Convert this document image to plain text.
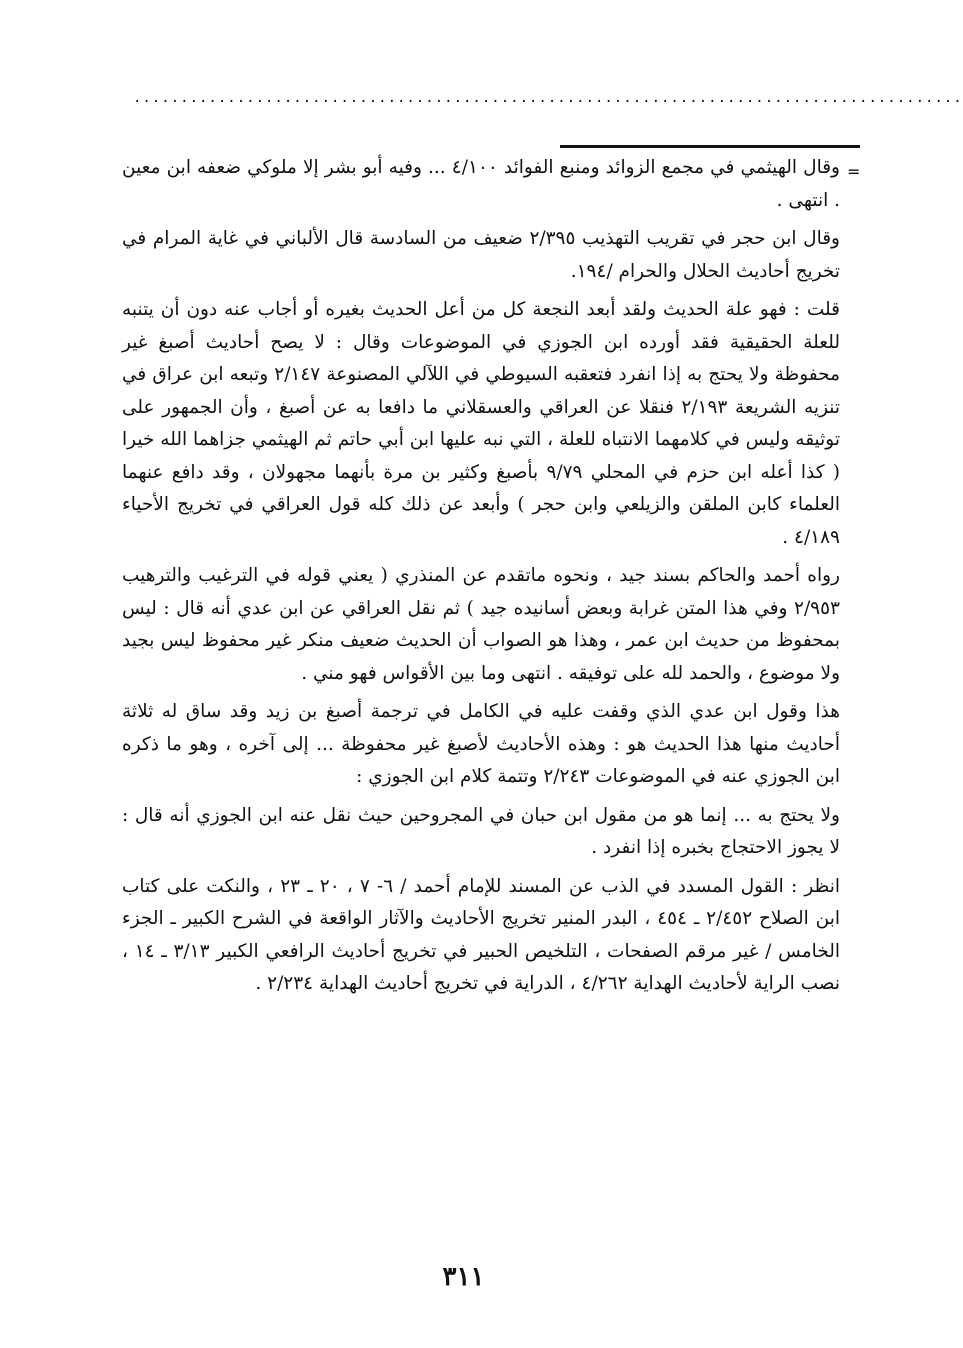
........................................................................................
=

وقال الهيثمي في مجمع الزوائد ومنبع الفوائد ٤/١٠٠ ... وفيه أبو بشر إلا ملوكي ضعفه ابن معين . انتهى .

وقال ابن حجر في تقريب التهذيب ٢/٣٩٥ ضعيف من السادسة قال الألباني في غاية المرام في تخريج أحاديث الحلال والحرام /١٩٤.

قلت : فهو علة الحديث ولقد أبعد النجعة كل من أعل الحديث بغيره أو أجاب عنه دون أن يتنبه للعلة الحقيقية فقد أورده ابن الجوزي في الموضوعات وقال : لا يصح أحاديث أصبغ غير محفوظة ولا يحتج به إذا انفرد فتعقبه السيوطي في اللآلي المصنوعة ٢/١٤٧ وتبعه ابن عراق في تنزيه الشريعة ٢/١٩٣ فنقلا عن العراقي والعسقلاني ما دافعا به عن أصبغ ، وأن الجمهور على توثيقه وليس في كلامهما الانتباه للعلة ، التي نبه عليها ابن أبي حاتم ثم الهيثمي جزاهما الله خيرا ( كذا أعله ابن حزم في المحلي ٩/٧٩ بأصبغ وكثير بن مرة بأنهما مجهولان ، وقد دافع عنهما العلماء كابن الملقن والزيلعي وابن حجر ) وأبعد عن ذلك كله قول العراقي في تخريج الأحياء ٤/١٨٩ .

رواه أحمد والحاكم بسند جيد ، ونحوه ماتقدم عن المنذري ( يعني قوله في الترغيب والترهيب ٢/٩٥٣ وفي هذا المتن غرابة وبعض أسانيده جيد ) ثم نقل العراقي عن ابن عدي أنه قال : ليس بمحفوظ من حديث ابن عمر ، وهذا هو الصواب أن الحديث ضعيف منكر غير محفوظ ليس بجيد ولا موضوع ، والحمد لله على توفيقه . انتهى وما بين الأقواس فهو مني .

هذا وقول ابن عدي الذي وقفت عليه في الكامل في ترجمة أصبغ بن زيد وقد ساق له ثلاثة أحاديث منها هذا الحديث هو : وهذه الأحاديث لأصبغ غير محفوظة ... إلى آخره ، وهو ما ذكره ابن الجوزي عنه في الموضوعات ٢/٢٤٣ وتتمة كلام ابن الجوزي :

ولا يحتج به ... إنما هو من مقول ابن حبان في المجروحين حيث نقل عنه ابن الجوزي أنه قال : لا يجوز الاحتجاج بخبره إذا انفرد .

انظر : القول المسدد في الذب عن المسند للإمام أحمد / ٦- ٧ ، ٢٠ ـ ٢٣ ، والنكت على كتاب ابن الصلاح ٢/٤٥٢ ـ ٤٥٤ ، البدر المنير تخريج الأحاديث والآثار الواقعة في الشرح الكبير ـ الجزء الخامس / غير مرقم الصفحات ، التلخيص الحبير في تخريج أحاديث الرافعي الكبير ٣/١٣ ـ ١٤ ، نصب الراية لأحاديث الهداية ٤/٢٦٢ ، الدراية في تخريج أحاديث الهداية ٢/٢٣٤ .

٣١١
